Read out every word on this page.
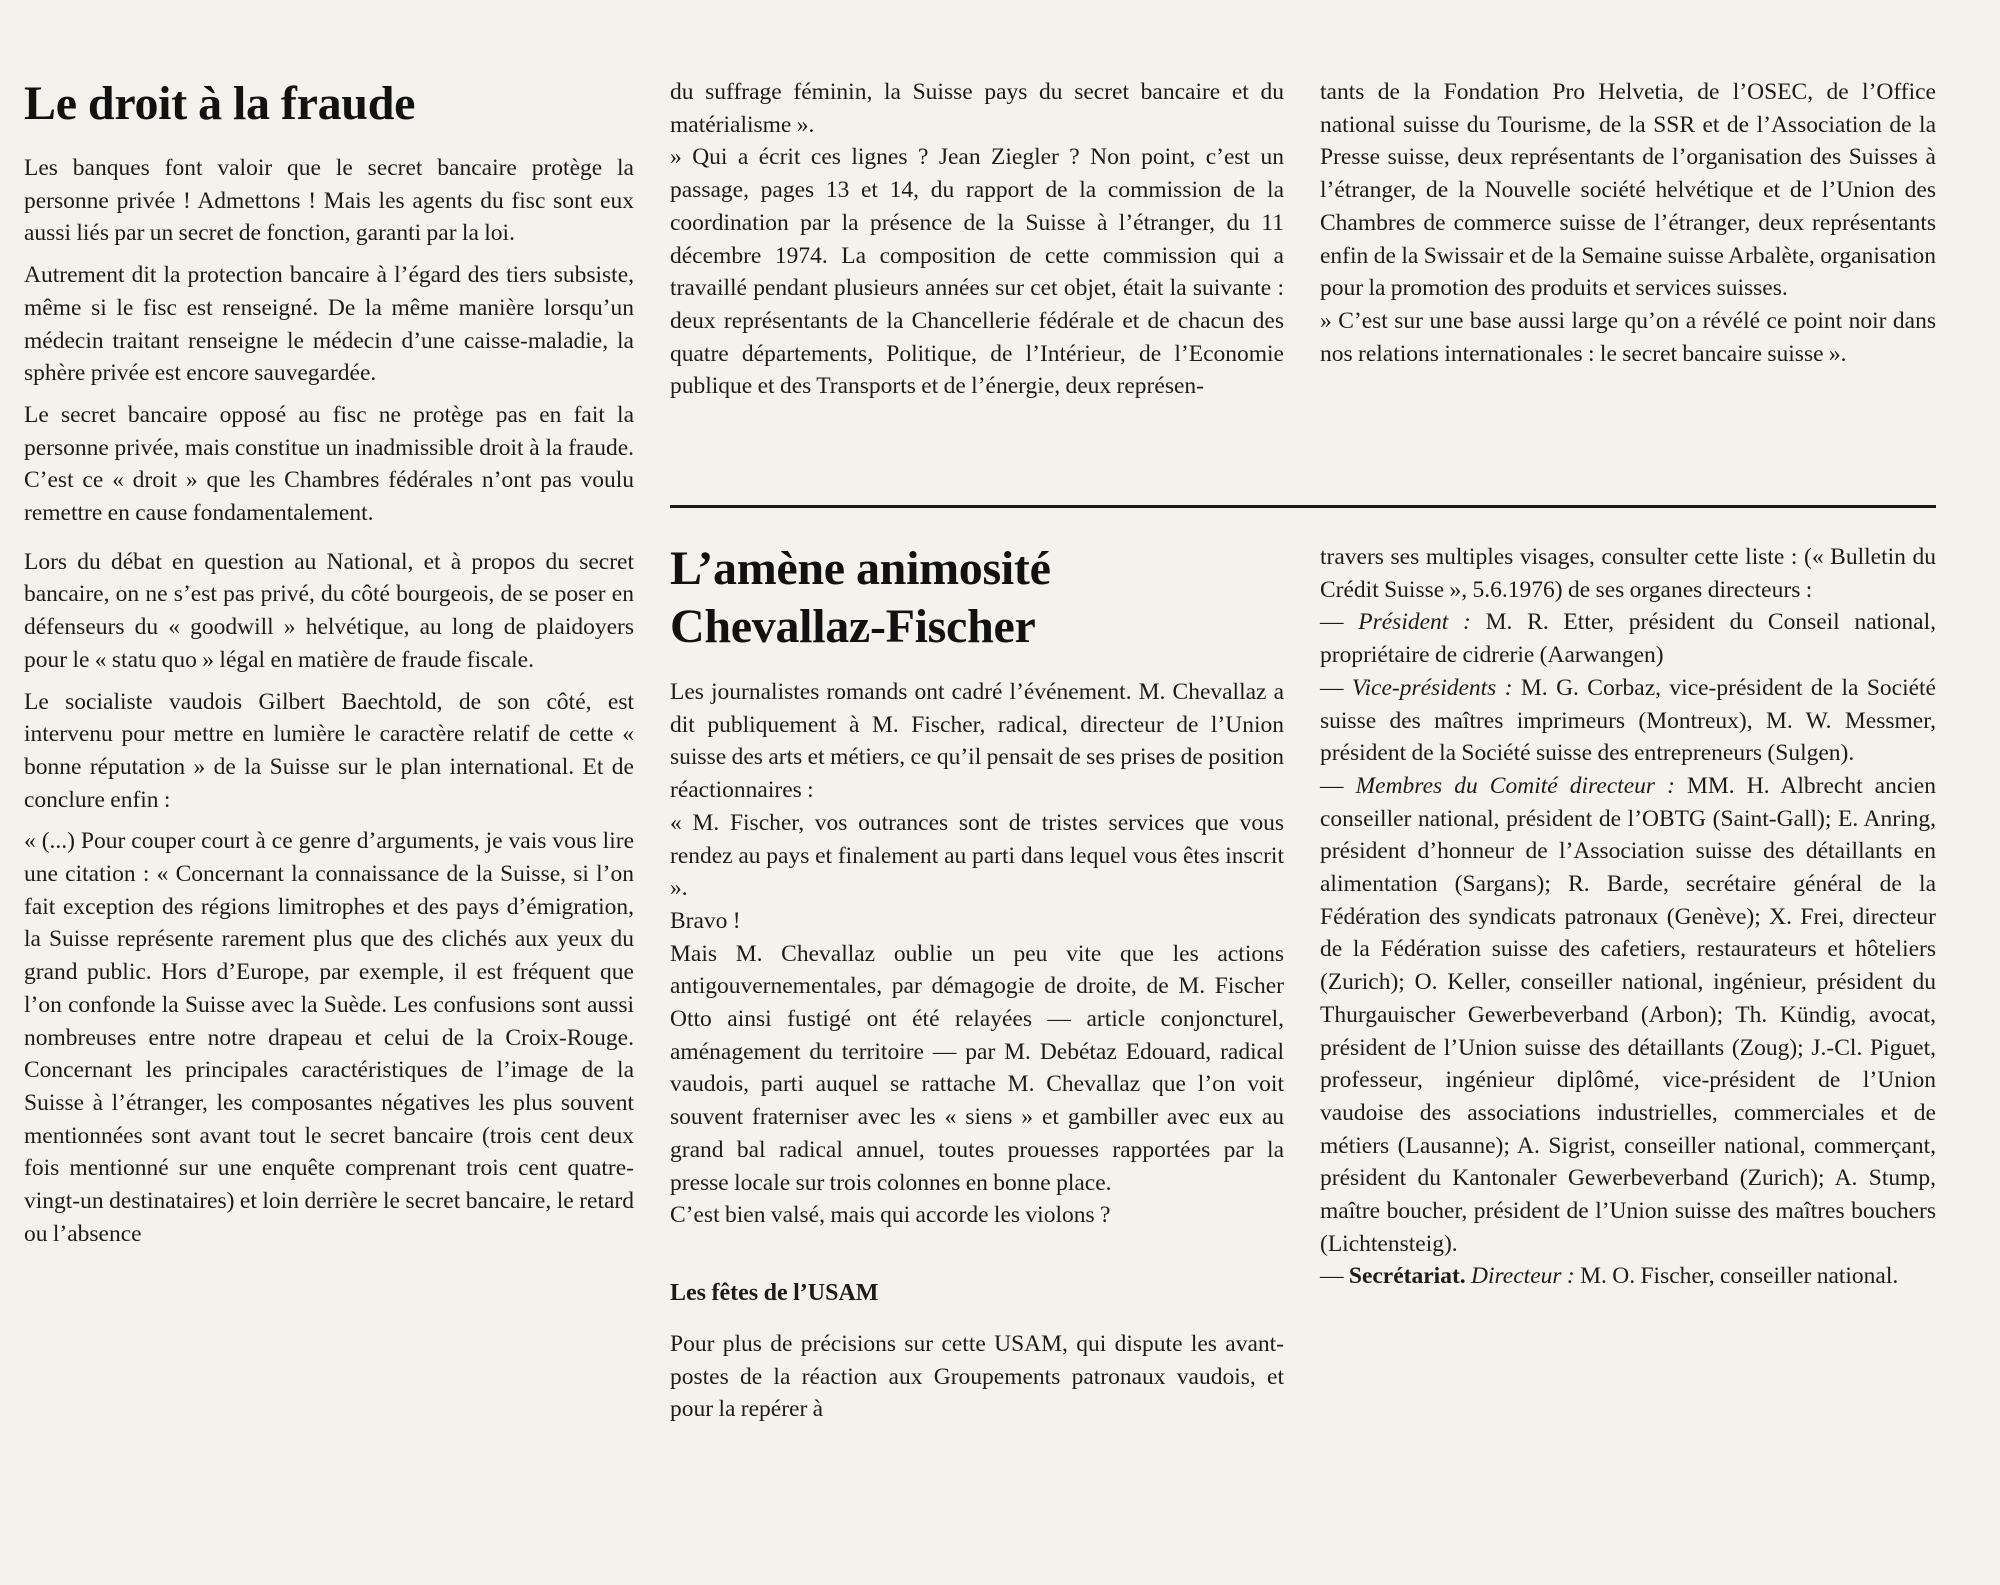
Le droit à la fraude

Les banques font valoir que le secret bancaire protège la personne privée ! Admettons ! Mais les agents du fisc sont eux aussi liés par un secret de fonction, garanti par la loi.

Autrement dit la protection bancaire à l’égard des tiers subsiste, même si le fisc est renseigné. De la même manière lorsqu’un médecin traitant renseigne le médecin d’une caisse-maladie, la sphère privée est encore sauvegardée.

Le secret bancaire opposé au fisc ne protège pas en fait la personne privée, mais constitue un inadmissible droit à la fraude. C’est ce « droit » que les Chambres fédérales n’ont pas voulu remettre en cause fondamentalement.

Lors du débat en question au National, et à propos du secret bancaire, on ne s’est pas privé, du côté bourgeois, de se poser en défenseurs du « goodwill » helvétique, au long de plaidoyers pour le « statu quo » légal en matière de fraude fiscale.

Le socialiste vaudois Gilbert Baechtold, de son côté, est intervenu pour mettre en lumière le caractère relatif de cette « bonne réputation » de la Suisse sur le plan international. Et de conclure enfin :

« (...) Pour couper court à ce genre d’arguments, je vais vous lire une citation : « Concernant la connaissance de la Suisse, si l’on fait exception des régions limitrophes et des pays d’émigration, la Suisse représente rarement plus que des clichés aux yeux du grand public. Hors d’Europe, par exemple, il est fréquent que l’on confonde la Suisse avec la Suède. Les confusions sont aussi nombreuses entre notre drapeau et celui de la Croix-Rouge. Concernant les principales caractéristiques de l’image de la Suisse à l’étranger, les composantes négatives les plus souvent mentionnées sont avant tout le secret bancaire (trois cent deux fois mentionné sur une enquête comprenant trois cent quatre-vingt-un destinataires) et loin derrière le secret bancaire, le retard ou l’absence

du suffrage féminin, la Suisse pays du secret bancaire et du matérialisme ».

» Qui a écrit ces lignes ? Jean Ziegler ? Non point, c’est un passage, pages 13 et 14, du rapport de la commission de la coordination par la présence de la Suisse à l’étranger, du 11 décembre 1974. La composition de cette commission qui a travaillé pendant plusieurs années sur cet objet, était la suivante : deux représentants de la Chancellerie fédérale et de chacun des quatre départements, Politique, de l’Intérieur, de l’Economie publique et des Transports et de l’énergie, deux représen-

tants de la Fondation Pro Helvetia, de l’OSEC, de l’Office national suisse du Tourisme, de la SSR et de l’Association de la Presse suisse, deux représentants de l’organisation des Suisses à l’étranger, de la Nouvelle société helvétique et de l’Union des Chambres de commerce suisse de l’étranger, deux représentants enfin de la Swissair et de la Semaine suisse Arbalète, organisation pour la promotion des produits et services suisses.

» C’est sur une base aussi large qu’on a révélé ce point noir dans nos relations internationales : le secret bancaire suisse ».

L’amène animosité
Chevallaz-Fischer

Les journalistes romands ont cadré l’événement. M. Chevallaz a dit publiquement à M. Fischer, radical, directeur de l’Union suisse des arts et métiers, ce qu’il pensait de ses prises de position réactionnaires :

« M. Fischer, vos outrances sont de tristes services que vous rendez au pays et finalement au parti dans lequel vous êtes inscrit ».

Bravo !

Mais M. Chevallaz oublie un peu vite que les actions antigouvernementales, par démagogie de droite, de M. Fischer Otto ainsi fustigé ont été relayées — article conjoncturel, aménagement du territoire — par M. Debétaz Edouard, radical vaudois, parti auquel se rattache M. Chevallaz que l’on voit souvent fraterniser avec les « siens » et gambiller avec eux au grand bal radical annuel, toutes prouesses rapportées par la presse locale sur trois colonnes en bonne place.

C’est bien valsé, mais qui accorde les violons ?

Les fêtes de l’USAM

Pour plus de précisions sur cette USAM, qui dispute les avant-postes de la réaction aux Groupements patronaux vaudois, et pour la repérer à

travers ses multiples visages, consulter cette liste : (« Bulletin du Crédit Suisse », 5.6.1976) de ses organes directeurs :

— Président : M. R. Etter, président du Conseil national, propriétaire de cidrerie (Aarwangen)

— Vice-présidents : M. G. Corbaz, vice-président de la Société suisse des maîtres imprimeurs (Montreux), M. W. Messmer, président de la Société suisse des entrepreneurs (Sulgen).

— Membres du Comité directeur : MM. H. Albrecht ancien conseiller national, président de l’OBTG (Saint-Gall); E. Anring, président d’honneur de l’Association suisse des détaillants en alimentation (Sargans); R. Barde, secrétaire général de la Fédération des syndicats patronaux (Genève); X. Frei, directeur de la Fédération suisse des cafetiers, restaurateurs et hôteliers (Zurich); O. Keller, conseiller national, ingénieur, président du Thurgauischer Gewerbeverband (Arbon); Th. Kündig, avocat, président de l’Union suisse des détaillants (Zoug); J.-Cl. Piguet, professeur, ingénieur diplômé, vice-président de l’Union vaudoise des associations industrielles, commerciales et de métiers (Lausanne); A. Sigrist, conseiller national, commerçant, président du Kantonaler Gewerbeverband (Zurich); A. Stump, maître boucher, président de l’Union suisse des maîtres bouchers (Lichtensteig).

— Secrétariat. Directeur : M. O. Fischer, conseiller national.
